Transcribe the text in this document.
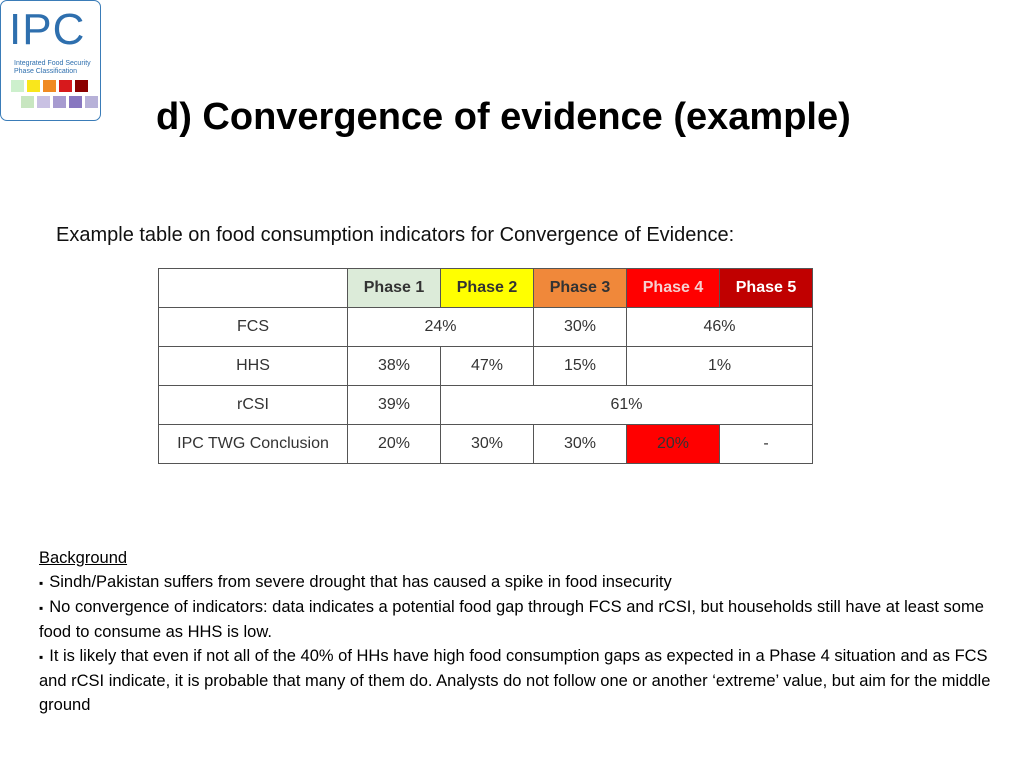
IPC
Integrated Food Security
Phase Classification
d) Convergence of evidence (example)
Example table on food consumption indicators for Convergence of Evidence:
	Phase 1	Phase 2	Phase 3	Phase 4	Phase 5
FCS	24%		30%	46%	
HHS	38%	47%	15%	1%	
rCSI	39%	61%			
IPC TWG Conclusion	20%	30%	30%	20%	-
Background
▪ Sindh/Pakistan suffers from severe drought that has caused a spike in food insecurity
▪ No convergence of indicators: data indicates a potential food gap through FCS and rCSI, but households still have at least some food to consume as HHS is low.
▪ It is likely that even if not all of the 40% of HHs have high food consumption gaps as expected in a Phase 4 situation and as FCS and rCSI indicate, it is probable that many of them do. Analysts do not follow one or another ‘extreme’ value, but aim for the middle ground
